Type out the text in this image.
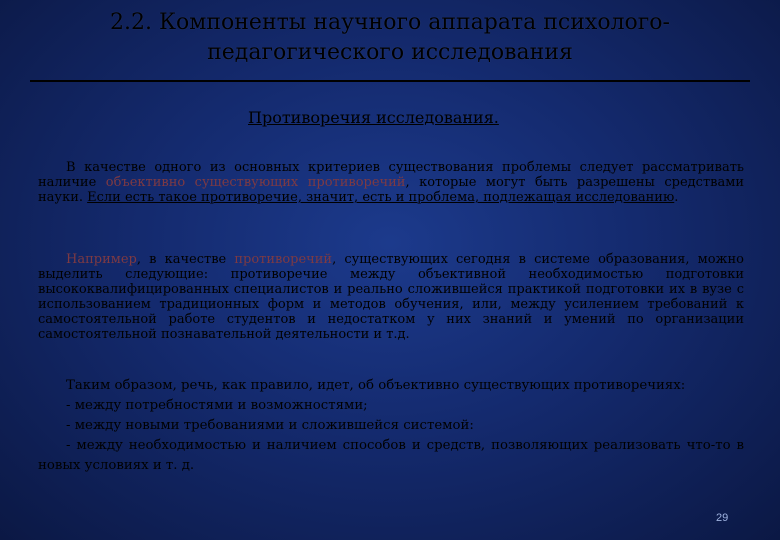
2.2. Компоненты научного аппарата психолого-
педагогического исследования
Противоречия исследования.
В качестве одного из основных критериев существования проблемы следует рассматривать наличие объективно существующих противоречий, которые могут быть разрешены средствами науки. Если есть такое противоречие, значит, есть и проблема, подлежащая исследованию.
Например, в качестве противоречий, существующих сегодня в системе образования, можно выделить следующие: противоречие между объективной необходимостью подготовки высококвалифицированных специалистов и реально сложившейся практикой подготовки их в вузе с использованием традиционных форм и методов обучения, или, между усилением требований к самостоятельной работе студентов и недостатком у них знаний и умений по организации самостоятельной познавательной деятельности и т.д.
Таким образом, речь, как правило, идет, об объективно существующих противоречиях:
- между потребностями и возможностями;
- между новыми требованиями и сложившейся системой:
- между необходимостью и наличием способов и средств, позволяющих реализовать что-то в новых условиях и т. д.
29
